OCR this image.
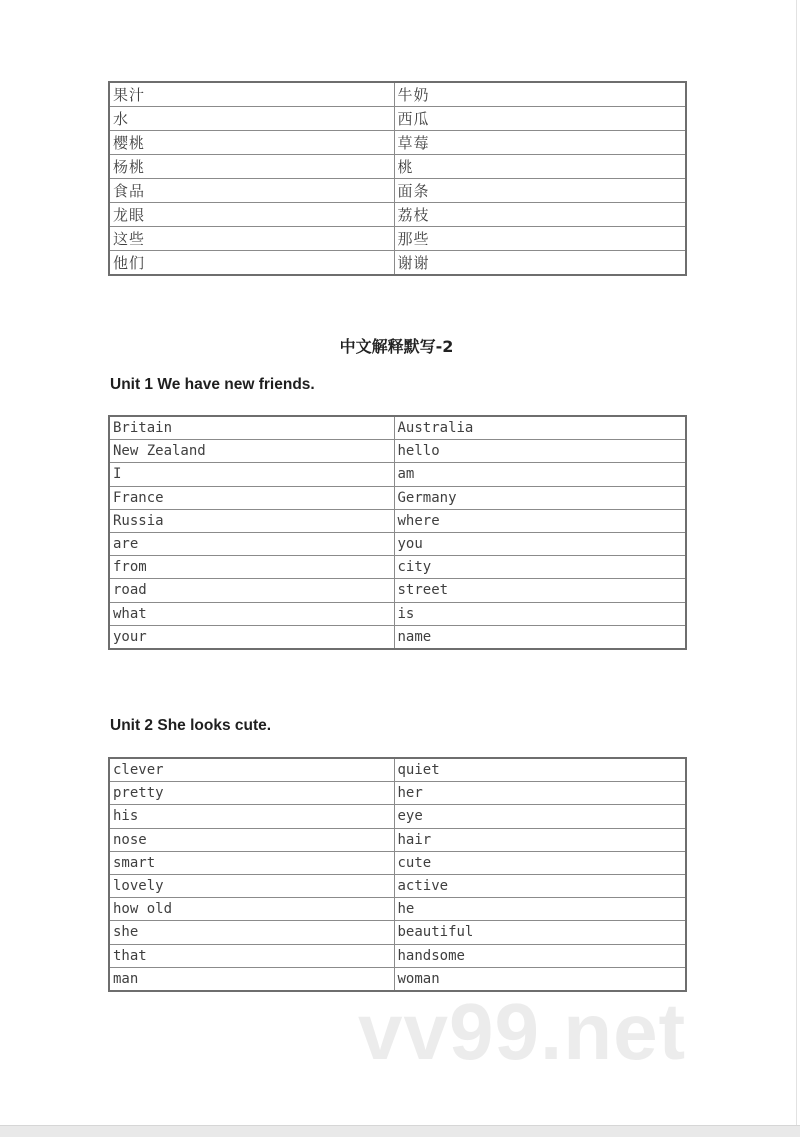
果汁	牛奶
水	西瓜
樱桃	草莓
杨桃	桃
食品	面条
龙眼	荔枝
这些	那些
他们	谢谢
中文解释默写-2
Unit 1 We have new friends.
Britain	Australia
New Zealand	hello
I	am
France	Germany
Russia	where
are	you
from	city
road	street
what	is
your	name
Unit 2 She looks cute.
clever	quiet
pretty	her
his	eye
nose	hair
smart	cute
lovely	active
how old	he
she	beautiful
that	handsome
man	woman
vv99.net
